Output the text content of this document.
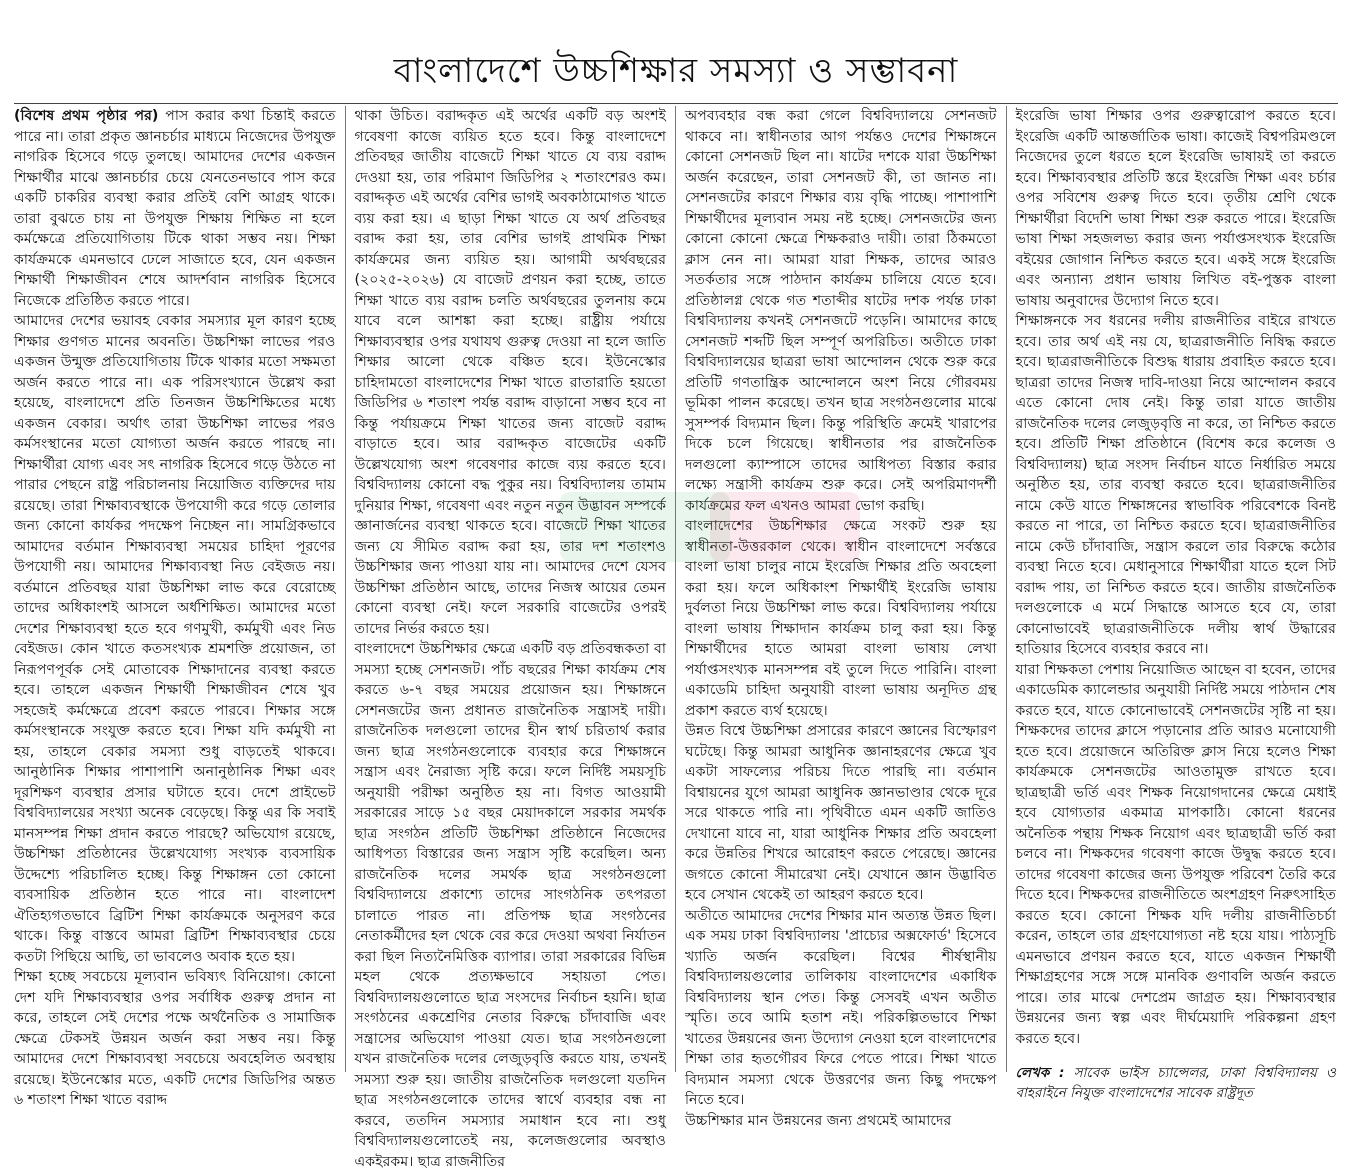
বাংলাদেশে উচ্চশিক্ষার সমস্যা ও সম্ভাবনা

(বিশেষ প্রথম পৃষ্ঠার পর) পাস করার কথা চিন্তাই করতে পারে না। তারা প্রকৃত জ্ঞানচর্চার মাধ্যমে নিজেদের উপযুক্ত নাগরিক হিসেবে গড়ে তুলছে। আমাদের দেশের একজন শিক্ষার্থীর মাঝে জ্ঞানচর্চার চেয়ে যেনতেনভাবে পাস করে একটি চাকরির ব্যবস্থা করার প্রতিই বেশি আগ্রহ থাকে। তারা বুঝতে চায় না উপযুক্ত শিক্ষায় শিক্ষিত না হলে কর্মক্ষেত্রে প্রতিযোগিতায় টিকে থাকা সম্ভব নয়। শিক্ষা কার্যক্রমকে এমনভাবে ঢেলে সাজাতে হবে, যেন একজন শিক্ষার্থী শিক্ষাজীবন শেষে আদর্শবান নাগরিক হিসেবে নিজেকে প্রতিষ্ঠিত করতে পারে।

আমাদের দেশের ভয়াবহ বেকার সমস্যার মূল কারণ হচ্ছে শিক্ষার গুণগত মানের অবনতি। উচ্চশিক্ষা লাভের পরও একজন উন্মুক্ত প্রতিযোগিতায় টিকে থাকার মতো সক্ষমতা অর্জন করতে পারে না। এক পরিসংখ্যানে উল্লেখ করা হয়েছে, বাংলাদেশে প্রতি তিনজন উচ্চশিক্ষিতের মধ্যে একজন বেকার। অর্থাৎ তারা উচ্চশিক্ষা লাভের পরও কর্মসংস্থানের মতো যোগ্যতা অর্জন করতে পারছে না। শিক্ষার্থীরা যোগ্য এবং সৎ নাগরিক হিসেবে গড়ে উঠতে না পারার পেছনে রাষ্ট্র পরিচালনায় নিয়োজিত ব্যক্তিদের দায় রয়েছে। তারা শিক্ষাব্যবস্থাকে উপযোগী করে গড়ে তোলার জন্য কোনো কার্যকর পদক্ষেপ নিচ্ছেন না। সামগ্রিকভাবে আমাদের বর্তমান শিক্ষাব্যবস্থা সময়ের চাহিদা পূরণের উপযোগী নয়। আমাদের শিক্ষাব্যবস্থা নিড বেইজড নয়। বর্তমানে প্রতিবছর যারা উচ্চশিক্ষা লাভ করে বেরোচ্ছে তাদের অধিকাংশই আসলে অর্ধশিক্ষিত। আমাদের মতো দেশের শিক্ষাব্যবস্থা হতে হবে গণমুখী, কর্মমুখী এবং নিড বেইজড। কোন খাতে কতসংখ্যক শ্রমশক্তি প্রয়োজন, তা নিরূপণপূর্বক সেই মোতাবেক শিক্ষাদানের ব্যবস্থা করতে হবে। তাহলে একজন শিক্ষার্থী শিক্ষাজীবন শেষে খুব সহজেই কর্মক্ষেত্রে প্রবেশ করতে পারবে। শিক্ষার সঙ্গে কর্মসংস্থানকে সংযুক্ত করতে হবে। শিক্ষা যদি কর্মমুখী না হয়, তাহলে বেকার সমস্যা শুধু বাড়তেই থাকবে। আনুষ্ঠানিক শিক্ষার পাশাপাশি অনানুষ্ঠানিক শিক্ষা এবং দূরশিক্ষণ ব্যবস্থার প্রসার ঘটাতে হবে। দেশে প্রাইভেট বিশ্ববিদ্যালয়ের সংখ্যা অনেক বেড়েছে। কিন্তু এর কি সবাই মানসম্পন্ন শিক্ষা প্রদান করতে পারছে? অভিযোগ রয়েছে, উচ্চশিক্ষা প্রতিষ্ঠানের উল্লেখযোগ্য সংখ্যক ব্যবসায়িক উদ্দেশ্যে পরিচালিত হচ্ছে। কিন্তু শিক্ষাঙ্গন তো কোনো ব্যবসায়িক প্রতিষ্ঠান হতে পারে না। বাংলাদেশ ঐতিহ্যগতভাবে ব্রিটিশ শিক্ষা কার্যক্রমকে অনুসরণ করে থাকে। কিন্তু বাস্তবে আমরা ব্রিটিশ শিক্ষাব্যবস্থার চেয়ে কতটা পিছিয়ে আছি, তা ভাবলেও অবাক হতে হয়।

শিক্ষা হচ্ছে সবচেয়ে মূল্যবান ভবিষ্যৎ বিনিয়োগ। কোনো দেশ যদি শিক্ষাব্যবস্থার ওপর সর্বাধিক গুরুত্ব প্রদান না করে, তাহলে সেই দেশের পক্ষে অর্থনৈতিক ও সামাজিক ক্ষেত্রে টেকসই উন্নয়ন অর্জন করা সম্ভব নয়। কিন্তু আমাদের দেশে শিক্ষাব্যবস্থা সবচেয়ে অবহেলিত অবস্থায় রয়েছে। ইউনেস্কোর মতে, একটি দেশের জিডিপির অন্তত ৬ শতাংশ শিক্ষা খাতে বরাদ্দ

থাকা উচিত। বরাদ্দকৃত এই অর্থের একটি বড় অংশই গবেষণা কাজে ব্যয়িত হতে হবে। কিন্তু বাংলাদেশে প্রতিবছর জাতীয় বাজেটে শিক্ষা খাতে যে ব্যয় বরাদ্দ দেওয়া হয়, তার পরিমাণ জিডিপির ২ শতাংশেরও কম। বরাদ্দকৃত এই অর্থের বেশির ভাগই অবকাঠামোগত খাতে ব্যয় করা হয়। এ ছাড়া শিক্ষা খাতে যে অর্থ প্রতিবছর বরাদ্দ করা হয়, তার বেশির ভাগই প্রাথমিক শিক্ষা কার্যক্রমের জন্য ব্যয়িত হয়। আগামী অর্থবছরের (২০২৫-২০২৬) যে বাজেট প্রণয়ন করা হচ্ছে, তাতে শিক্ষা খাতে ব্যয় বরাদ্দ চলতি অর্থবছরের তুলনায় কমে যাবে বলে আশঙ্কা করা হচ্ছে। রাষ্ট্রীয় পর্যায়ে শিক্ষাব্যবস্থার ওপর যথাযথ গুরুত্ব দেওয়া না হলে জাতি শিক্ষার আলো থেকে বঞ্চিত হবে। ইউনেস্কোর চাহিদামতো বাংলাদেশের শিক্ষা খাতে রাতারাতি হয়তো জিডিপির ৬ শতাংশ পর্যন্ত বরাদ্দ বাড়ানো সম্ভব হবে না কিন্তু পর্যায়ক্রমে শিক্ষা খাতের জন্য বাজেট বরাদ্দ বাড়াতে হবে। আর বরাদ্দকৃত বাজেটের একটি উল্লেখযোগ্য অংশ গবেষণার কাজে ব্যয় করতে হবে। বিশ্ববিদ্যালয় কোনো বদ্ধ পুকুর নয়। বিশ্ববিদ্যালয় তামাম দুনিয়ার শিক্ষা, গবেষণা এবং নতুন নতুন উদ্ভাবন সম্পর্কে জ্ঞানার্জনের ব্যবস্থা থাকতে হবে। বাজেটে শিক্ষা খাতের জন্য যে সীমিত বরাদ্দ করা হয়, তার দশ শতাংশও উচ্চশিক্ষার জন্য পাওয়া যায় না। আমাদের দেশে যেসব উচ্চশিক্ষা প্রতিষ্ঠান আছে, তাদের নিজস্ব আয়ের তেমন কোনো ব্যবস্থা নেই। ফলে সরকারি বাজেটের ওপরই তাদের নির্ভর করতে হয়।

বাংলাদেশে উচ্চশিক্ষার ক্ষেত্রে একটি বড় প্রতিবন্ধকতা বা সমস্যা হচ্ছে সেশনজট। পাঁচ বছরের শিক্ষা কার্যক্রম শেষ করতে ৬-৭ বছর সময়ের প্রয়োজন হয়। শিক্ষাঙ্গনে সেশনজটের জন্য প্রধানত রাজনৈতিক সন্ত্রাসই দায়ী। রাজনৈতিক দলগুলো তাদের হীন স্বার্থ চরিতার্থ করার জন্য ছাত্র সংগঠনগুলোকে ব্যবহার করে শিক্ষাঙ্গনে সন্ত্রাস এবং নৈরাজ্য সৃষ্টি করে। ফলে নির্দিষ্ট সময়সূচি অনুযায়ী পরীক্ষা অনুষ্ঠিত হয় না। বিগত আওয়ামী সরকারের সাড়ে ১৫ বছর মেয়াদকালে সরকার সমর্থক ছাত্র সংগঠন প্রতিটি উচ্চশিক্ষা প্রতিষ্ঠানে নিজেদের আধিপত্য বিস্তারের জন্য সন্ত্রাস সৃষ্টি করেছিল। অন্য রাজনৈতিক দলের সমর্থক ছাত্র সংগঠনগুলো বিশ্ববিদ্যালয়ে প্রকাশ্যে তাদের সাংগঠনিক তৎপরতা চালাতে পারত না। প্রতিপক্ষ ছাত্র সংগঠনের নেতাকর্মীদের হল থেকে বের করে দেওয়া অথবা নির্যাতন করা ছিল নিত্যনৈমিত্তিক ব্যাপার। তারা সরকারের বিভিন্ন মহল থেকে প্রত্যক্ষভাবে সহায়তা পেত। বিশ্ববিদ্যালয়গুলোতে ছাত্র সংসদের নির্বাচন হয়নি। ছাত্র সংগঠনের একশ্রেণির নেতার বিরুদ্ধে চাঁদাবাজি এবং সন্ত্রাসের অভিযোগ পাওয়া যেত। ছাত্র সংগঠনগুলো যখন রাজনৈতিক দলের লেজুড়বৃত্তি করতে যায়, তখনই সমস্যা শুরু হয়। জাতীয় রাজনৈতিক দলগুলো যতদিন ছাত্র সংগঠনগুলোকে তাদের স্বার্থে ব্যবহার বন্ধ না করবে, ততদিন সমস্যার সমাধান হবে না। শুধু বিশ্ববিদ্যালয়গুলোতেই নয়, কলেজগুলোর অবস্থাও একইরকম। ছাত্র রাজনীতির

অপব্যবহার বন্ধ করা গেলে বিশ্ববিদ্যালয়ে সেশনজট থাকবে না। স্বাধীনতার আগ পর্যন্তও দেশের শিক্ষাঙ্গনে কোনো সেশনজট ছিল না। ষাটের দশকে যারা উচ্চশিক্ষা অর্জন করেছেন, তারা সেশনজট কী, তা জানত না। সেশনজটের কারণে শিক্ষার ব্যয় বৃদ্ধি পাচ্ছে। পাশাপাশি শিক্ষার্থীদের মূল্যবান সময় নষ্ট হচ্ছে। সেশনজটের জন্য কোনো কোনো ক্ষেত্রে শিক্ষকরাও দায়ী। তারা ঠিকমতো ক্লাস নেন না। আমরা যারা শিক্ষক, তাদের আরও সতর্কতার সঙ্গে পাঠদান কার্যক্রম চালিয়ে যেতে হবে। প্রতিষ্ঠালগ্ন থেকে গত শতাব্দীর ষাটের দশক পর্যন্ত ঢাকা বিশ্ববিদ্যালয় কখনই সেশনজটে পড়েনি। আমাদের কাছে সেশনজট শব্দটি ছিল সম্পূর্ণ অপরিচিত। অতীতে ঢাকা বিশ্ববিদ্যালয়ের ছাত্ররা ভাষা আন্দোলন থেকে শুরু করে প্রতিটি গণতান্ত্রিক আন্দোলনে অংশ নিয়ে গৌরবময় ভূমিকা পালন করেছে। তখন ছাত্র সংগঠনগুলোর মাঝে সুসম্পর্ক বিদ্যমান ছিল। কিন্তু পরিস্থিতি ক্রমেই খারাপের দিকে চলে গিয়েছে। স্বাধীনতার পর রাজনৈতিক দলগুলো ক্যাম্পাসে তাদের আধিপত্য বিস্তার করার লক্ষ্যে সন্ত্রাসী কার্যক্রম শুরু করে। সেই অপরিমাণদর্শী কার্যক্রমের ফল এখনও আমরা ভোগ করছি।

বাংলাদেশের উচ্চশিক্ষার ক্ষেত্রে সংকট শুরু হয় স্বাধীনতা-উত্তরকাল থেকে। স্বাধীন বাংলাদেশে সর্বস্তরে বাংলা ভাষা চালুর নামে ইংরেজি শিক্ষার প্রতি অবহেলা করা হয়। ফলে অধিকাংশ শিক্ষার্থীই ইংরেজি ভাষায় দুর্বলতা নিয়ে উচ্চশিক্ষা লাভ করে। বিশ্ববিদ্যালয় পর্যায়ে বাংলা ভাষায় শিক্ষাদান কার্যক্রম চালু করা হয়। কিন্তু শিক্ষার্থীদের হাতে আমরা বাংলা ভাষায় লেখা পর্যাপ্তসংখ্যক মানসম্পন্ন বই তুলে দিতে পারিনি। বাংলা একাডেমি চাহিদা অনুযায়ী বাংলা ভাষায় অনূদিত গ্রন্থ প্রকাশ করতে ব্যর্থ হয়েছে।

উন্নত বিশ্বে উচ্চশিক্ষা প্রসারের কারণে জ্ঞানের বিস্ফোরণ ঘটেছে। কিন্তু আমরা আধুনিক জ্ঞানাহরণের ক্ষেত্রে খুব একটা সাফল্যের পরিচয় দিতে পারছি না। বর্তমান বিশ্বায়নের যুগে আমরা আধুনিক জ্ঞানভাণ্ডার থেকে দূরে সরে থাকতে পারি না। পৃথিবীতে এমন একটি জাতিও দেখানো যাবে না, যারা আধুনিক শিক্ষার প্রতি অবহেলা করে উন্নতির শিখরে আরোহণ করতে পেরেছে। জ্ঞানের জগতে কোনো সীমারেখা নেই। যেখানে জ্ঞান উদ্ভাবিত হবে সেখান থেকেই তা আহরণ করতে হবে।

অতীতে আমাদের দেশের শিক্ষার মান অত্যন্ত উন্নত ছিল। এক সময় ঢাকা বিশ্ববিদ্যালয় 'প্রাচ্যের অক্সফোর্ড' হিসেবে খ্যাতি অর্জন করেছিল। বিশ্বের শীর্ষস্থানীয় বিশ্ববিদ্যালয়গুলোর তালিকায় বাংলাদেশের একাধিক বিশ্ববিদ্যালয় স্থান পেত। কিন্তু সেসবই এখন অতীত স্মৃতি। তবে আমি হতাশ নই। পরিকল্পিতভাবে শিক্ষা খাতের উন্নয়নের জন্য উদ্যোগ নেওয়া হলে বাংলাদেশের শিক্ষা তার হৃতগৌরব ফিরে পেতে পারে। শিক্ষা খাতে বিদ্যমান সমস্যা থেকে উত্তরণের জন্য কিছু পদক্ষেপ নিতে হবে।

উচ্চশিক্ষার মান উন্নয়নের জন্য প্রথমেই আমাদের

ইংরেজি ভাষা শিক্ষার ওপর গুরুত্বারোপ করতে হবে। ইংরেজি একটি আন্তর্জাতিক ভাষা। কাজেই বিশ্বপরিমণ্ডলে নিজেদের তুলে ধরতে হলে ইংরেজি ভাষায়ই তা করতে হবে। শিক্ষাব্যবস্থার প্রতিটি স্তরে ইংরেজি শিক্ষা এবং চর্চার ওপর সবিশেষ গুরুত্ব দিতে হবে। তৃতীয় শ্রেণি থেকে শিক্ষার্থীরা বিদেশি ভাষা শিক্ষা শুরু করতে পারে। ইংরেজি ভাষা শিক্ষা সহজলভ্য করার জন্য পর্যাপ্তসংখ্যক ইংরেজি বইয়ের জোগান নিশ্চিত করতে হবে। একই সঙ্গে ইংরেজি এবং অন্যান্য প্রধান ভাষায় লিখিত বই-পুস্তক বাংলা ভাষায় অনুবাদের উদ্যোগ নিতে হবে।

শিক্ষাঙ্গনকে সব ধরনের দলীয় রাজনীতির বাইরে রাখতে হবে। তার অর্থ এই নয় যে, ছাত্ররাজনীতি নিষিদ্ধ করতে হবে। ছাত্ররাজনীতিকে বিশুদ্ধ ধারায় প্রবাহিত করতে হবে। ছাত্ররা তাদের নিজস্ব দাবি-দাওয়া নিয়ে আন্দোলন করবে এতে কোনো দোষ নেই। কিন্তু তারা যাতে জাতীয় রাজনৈতিক দলের লেজুড়বৃত্তি না করে, তা নিশ্চিত করতে হবে। প্রতিটি শিক্ষা প্রতিষ্ঠানে (বিশেষ করে কলেজ ও বিশ্ববিদ্যালয়) ছাত্র সংসদ নির্বাচন যাতে নির্ধারিত সময়ে অনুষ্ঠিত হয়, তার ব্যবস্থা করতে হবে। ছাত্ররাজনীতির নামে কেউ যাতে শিক্ষাঙ্গনের স্বাভাবিক পরিবেশকে বিনষ্ট করতে না পারে, তা নিশ্চিত করতে হবে। ছাত্ররাজনীতির নামে কেউ চাঁদাবাজি, সন্ত্রাস করলে তার বিরুদ্ধে কঠোর ব্যবস্থা নিতে হবে। মেধানুসারে শিক্ষার্থীরা যাতে হলে সিট বরাদ্দ পায়, তা নিশ্চিত করতে হবে। জাতীয় রাজনৈতিক দলগুলোকে এ মর্মে সিদ্ধান্তে আসতে হবে যে, তারা কোনোভাবেই ছাত্ররাজনীতিকে দলীয় স্বার্থ উদ্ধারের হাতিয়ার হিসেবে ব্যবহার করবে না।

যারা শিক্ষকতা পেশায় নিয়োজিত আছেন বা হবেন, তাদের একাডেমিক ক্যালেন্ডার অনুযায়ী নির্দিষ্ট সময়ে পাঠদান শেষ করতে হবে, যাতে কোনোভাবেই সেশনজটের সৃষ্টি না হয়। শিক্ষকদের তাদের ক্লাসে পড়ানোর প্রতি আরও মনোযোগী হতে হবে। প্রয়োজনে অতিরিক্ত ক্লাস নিয়ে হলেও শিক্ষা কার্যক্রমকে সেশনজটের আওতামুক্ত রাখতে হবে। ছাত্রছাত্রী ভর্তি এবং শিক্ষক নিয়োগদানের ক্ষেত্রে মেধাই হবে যোগ্যতার একমাত্র মাপকাঠি। কোনো ধরনের অনৈতিক পন্থায় শিক্ষক নিয়োগ এবং ছাত্রছাত্রী ভর্তি করা চলবে না। শিক্ষকদের গবেষণা কাজে উদ্বুদ্ধ করতে হবে। তাদের গবেষণা কাজের জন্য উপযুক্ত পরিবেশ তৈরি করে দিতে হবে। শিক্ষকদের রাজনীতিতে অংশগ্রহণ নিরুৎসাহিত করতে হবে। কোনো শিক্ষক যদি দলীয় রাজনীতিচর্চা করেন, তাহলে তার গ্রহণযোগ্যতা নষ্ট হয়ে যায়। পাঠ্যসূচি এমনভাবে প্রণয়ন করতে হবে, যাতে একজন শিক্ষার্থী শিক্ষাগ্রহণের সঙ্গে সঙ্গে মানবিক গুণাবলি অর্জন করতে পারে। তার মাঝে দেশপ্রেম জাগ্রত হয়। শিক্ষাব্যবস্থার উন্নয়নের জন্য স্বল্প এবং দীর্ঘমেয়াদি পরিকল্পনা গ্রহণ করতে হবে।

লেখক : সাবেক ভাইস চ্যান্সেলর, ঢাকা বিশ্ববিদ্যালয় ও বাহরাইনে নিযুক্ত বাংলাদেশের সাবেক রাষ্ট্রদূত
